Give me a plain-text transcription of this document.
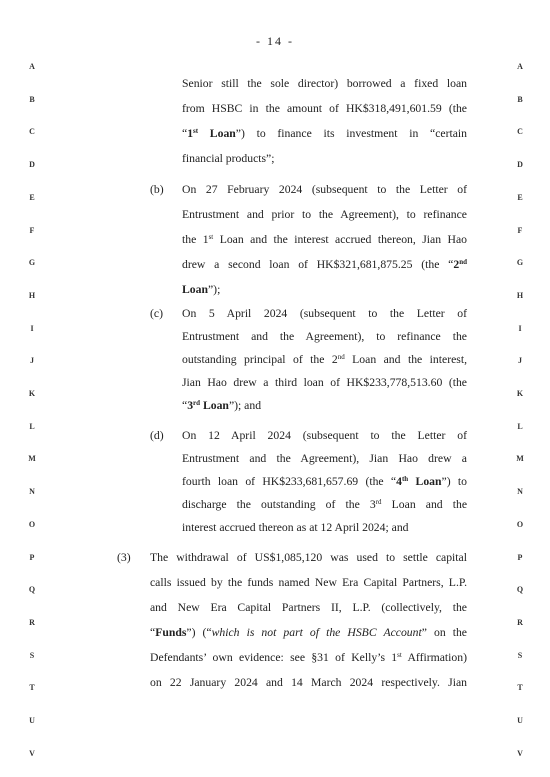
- 14 -
A
B
C
D
E
F
G
H
I
J
K
L
M
N
O
P
Q
R
S
T
U
V
A
B
C
D
E
F
G
H
I
J
K
L
M
N
O
P
Q
R
S
T
U
V
Senior still the sole director) borrowed a fixed loan
from HSBC in the amount of HK$318,491,601.59 (the
“1st Loan”) to finance its investment in “certain
financial products”;
(b) On 27 February 2024 (subsequent to the Letter of
Entrustment and prior to the Agreement), to refinance
the 1st Loan and the interest accrued thereon, Jian Hao
drew a second loan of HK$321,681,875.25 (the “2nd
Loan”);
(c) On 5 April 2024 (subsequent to the Letter of
Entrustment and the Agreement), to refinance the
outstanding principal of the 2nd Loan and the interest,
Jian Hao drew a third loan of HK$233,778,513.60 (the
“3rd Loan”); and
(d) On 12 April 2024 (subsequent to the Letter of
Entrustment and the Agreement), Jian Hao drew a
fourth loan of HK$233,681,657.69 (the “4th Loan”) to
discharge the outstanding of the 3rd Loan and the
interest accrued thereon as at 12 April 2024; and
(3) The withdrawal of US$1,085,120 was used to settle capital
calls issued by the funds named New Era Capital Partners, L.P.
and New Era Capital Partners II, L.P. (collectively, the
“Funds”) (“which is not part of the HSBC Account” on the
Defendants’ own evidence: see §31 of Kelly’s 1st Affirmation)
on 22 January 2024 and 14 March 2024 respectively. Jian
